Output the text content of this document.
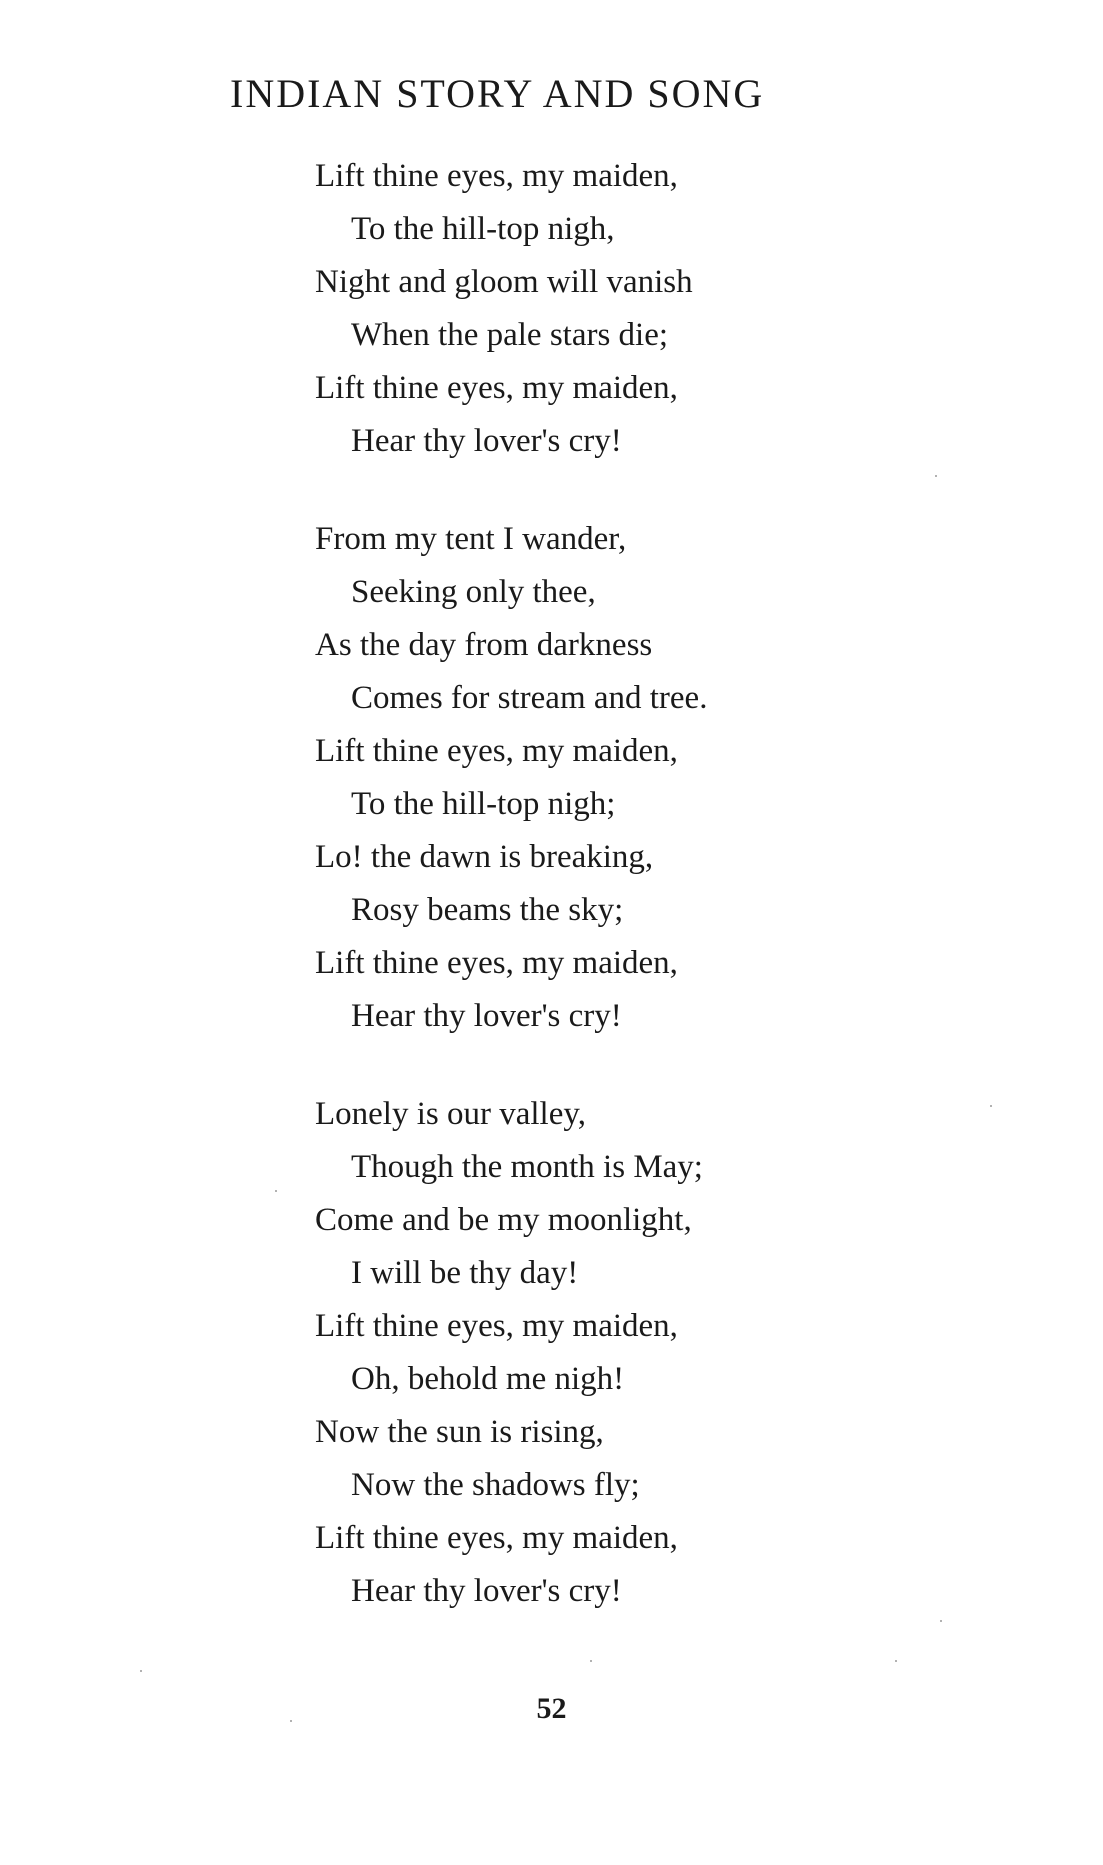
INDIAN STORY AND SONG
Lift thine eyes, my maiden,
To the hill-top nigh,
Night and gloom will vanish
When the pale stars die;
Lift thine eyes, my maiden,
Hear thy lover's cry!
From my tent I wander,
Seeking only thee,
As the day from darkness
Comes for stream and tree.
Lift thine eyes, my maiden,
To the hill-top nigh;
Lo! the dawn is breaking,
Rosy beams the sky;
Lift thine eyes, my maiden,
Hear thy lover's cry!
Lonely is our valley,
Though the month is May;
Come and be my moonlight,
I will be thy day!
Lift thine eyes, my maiden,
Oh, behold me nigh!
Now the sun is rising,
Now the shadows fly;
Lift thine eyes, my maiden,
Hear thy lover's cry!
52
